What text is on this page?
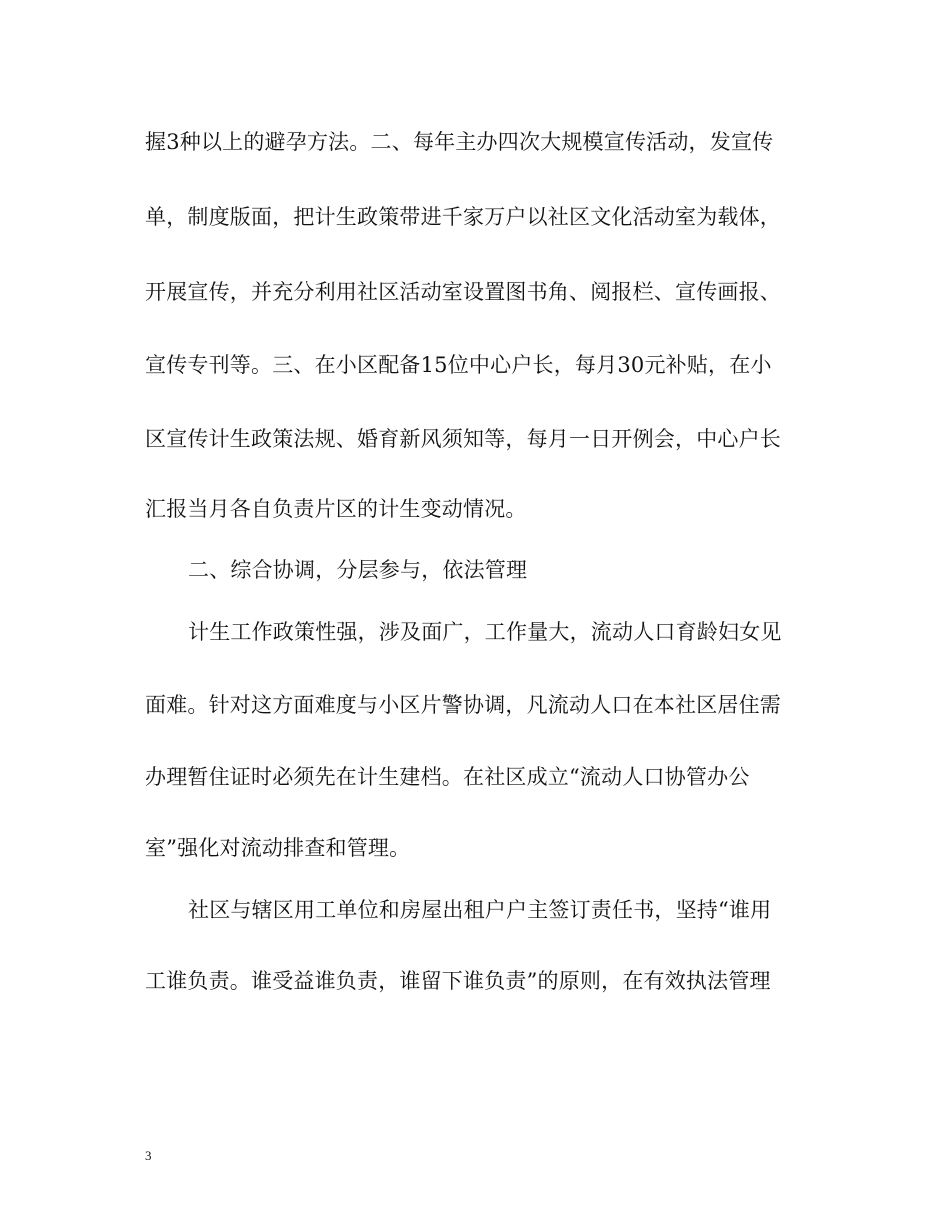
握3种以上的避孕方法。二、每年主办四次大规模宣传活动，发宣传
单，制度版面，把计生政策带进千家万户以社区文化活动室为载体，
开展宣传，并充分利用社区活动室设置图书角、阅报栏、宣传画报、
宣传专刊等。三、在小区配备15位中心户长，每月30元补贴，在小
区宣传计生政策法规、婚育新风须知等，每月一日开例会，中心户长
汇报当月各自负责片区的计生变动情况。
二、综合协调，分层参与，依法管理
计生工作政策性强，涉及面广，工作量大，流动人口育龄妇女见
面难。针对这方面难度与小区片警协调，凡流动人口在本社区居住需
办理暂住证时必须先在计生建档。在社区成立“流动人口协管办公
室”强化对流动排查和管理。
社区与辖区用工单位和房屋出租户户主签订责任书，坚持“谁用
工谁负责。谁受益谁负责，谁留下谁负责”的原则，在有效执法管理
3
